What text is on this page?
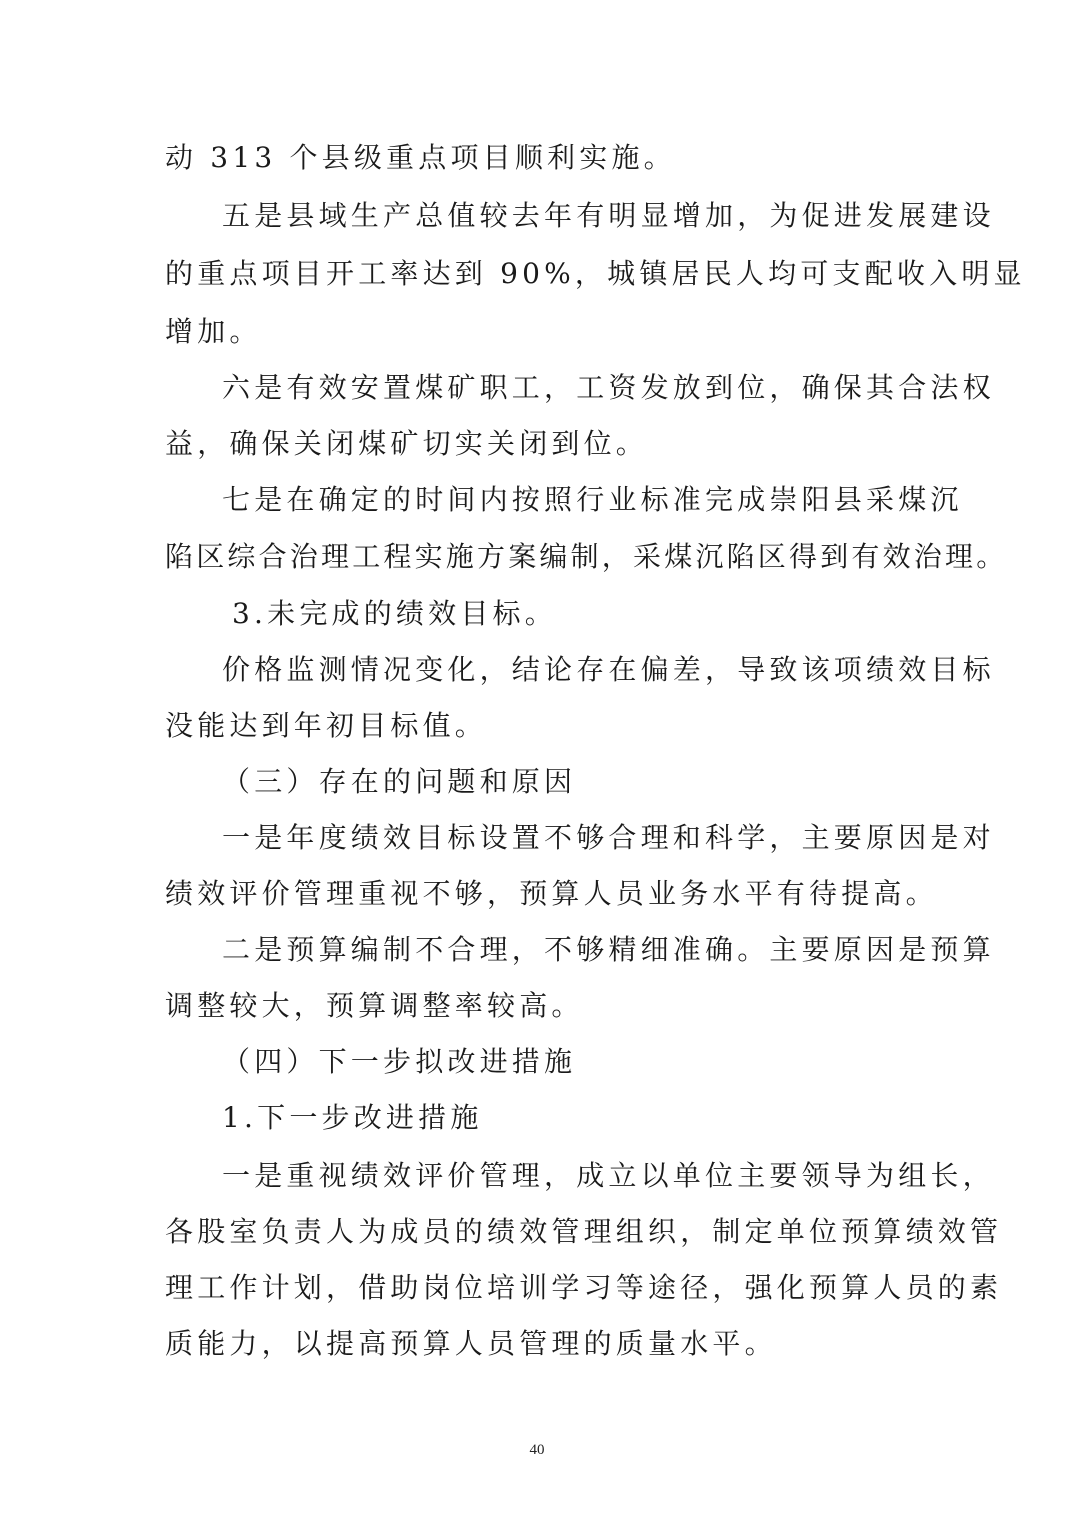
动 313 个县级重点项目顺利实施。
五是县域生产总值较去年有明显增加，为促进发展建设
的重点项目开工率达到 90%，城镇居民人均可支配收入明显
增加。
六是有效安置煤矿职工，工资发放到位，确保其合法权
益，确保关闭煤矿切实关闭到位。
七是在确定的时间内按照行业标准完成崇阳县采煤沉
陷区综合治理工程实施方案编制，采煤沉陷区得到有效治理。
3.未完成的绩效目标。
价格监测情况变化，结论存在偏差，导致该项绩效目标
没能达到年初目标值。
（三）存在的问题和原因
一是年度绩效目标设置不够合理和科学，主要原因是对
绩效评价管理重视不够，预算人员业务水平有待提高。
二是预算编制不合理，不够精细准确。主要原因是预算
调整较大，预算调整率较高。
（四）下一步拟改进措施
1.下一步改进措施
一是重视绩效评价管理，成立以单位主要领导为组长，
各股室负责人为成员的绩效管理组织，制定单位预算绩效管
理工作计划，借助岗位培训学习等途径，强化预算人员的素
质能力，以提高预算人员管理的质量水平。
40
